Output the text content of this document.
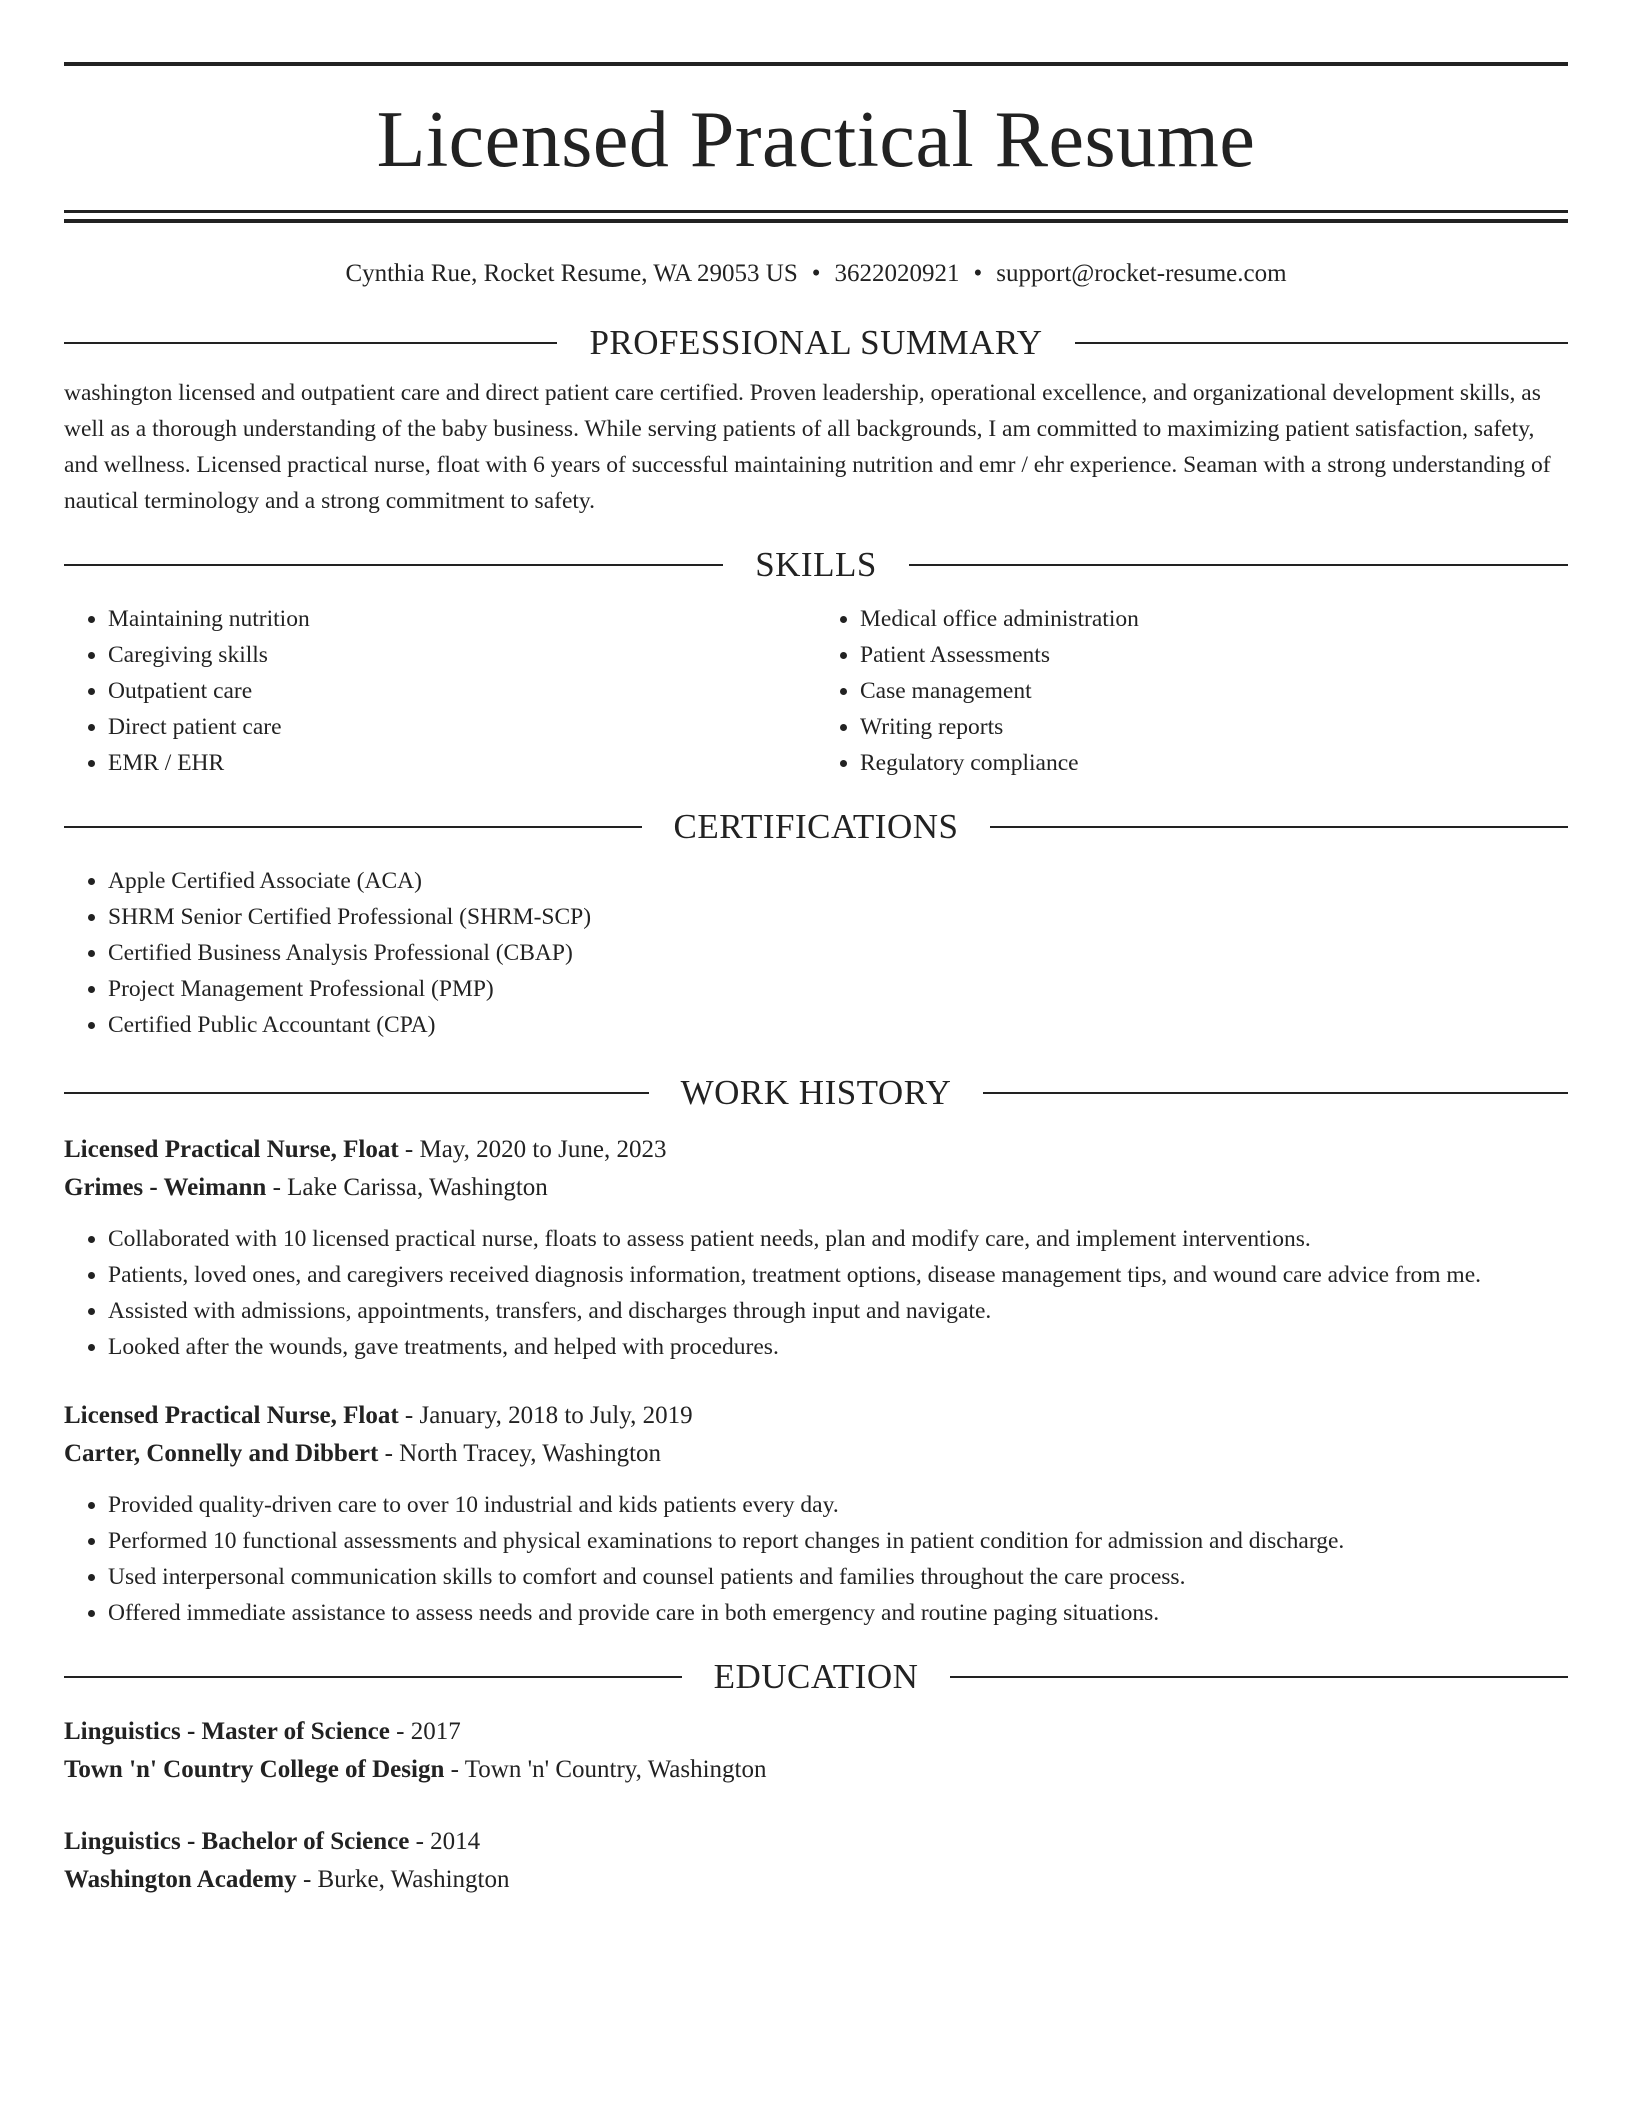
Licensed Practical Resume
Cynthia Rue, Rocket Resume, WA 29053 US • 3622020921 • support@rocket-resume.com
PROFESSIONAL SUMMARY
washington licensed and outpatient care and direct patient care certified. Proven leadership, operational excellence, and organizational development skills, as well as a thorough understanding of the baby business. While serving patients of all backgrounds, I am committed to maximizing patient satisfaction, safety, and wellness. Licensed practical nurse, float with 6 years of successful maintaining nutrition and emr / ehr experience. Seaman with a strong understanding of nautical terminology and a strong commitment to safety.
SKILLS
• Maintaining nutrition
• Caregiving skills
• Outpatient care
• Direct patient care
• EMR / EHR
• Medical office administration
• Patient Assessments
• Case management
• Writing reports
• Regulatory compliance
CERTIFICATIONS
• Apple Certified Associate (ACA)
• SHRM Senior Certified Professional (SHRM-SCP)
• Certified Business Analysis Professional (CBAP)
• Project Management Professional (PMP)
• Certified Public Accountant (CPA)
WORK HISTORY
Licensed Practical Nurse, Float - May, 2020 to June, 2023
Grimes - Weimann - Lake Carissa, Washington
• Collaborated with 10 licensed practical nurse, floats to assess patient needs, plan and modify care, and implement interventions.
• Patients, loved ones, and caregivers received diagnosis information, treatment options, disease management tips, and wound care advice from me.
• Assisted with admissions, appointments, transfers, and discharges through input and navigate.
• Looked after the wounds, gave treatments, and helped with procedures.
Licensed Practical Nurse, Float - January, 2018 to July, 2019
Carter, Connelly and Dibbert - North Tracey, Washington
• Provided quality-driven care to over 10 industrial and kids patients every day.
• Performed 10 functional assessments and physical examinations to report changes in patient condition for admission and discharge.
• Used interpersonal communication skills to comfort and counsel patients and families throughout the care process.
• Offered immediate assistance to assess needs and provide care in both emergency and routine paging situations.
EDUCATION
Linguistics - Master of Science - 2017
Town 'n' Country College of Design - Town 'n' Country, Washington
Linguistics - Bachelor of Science - 2014
Washington Academy - Burke, Washington
